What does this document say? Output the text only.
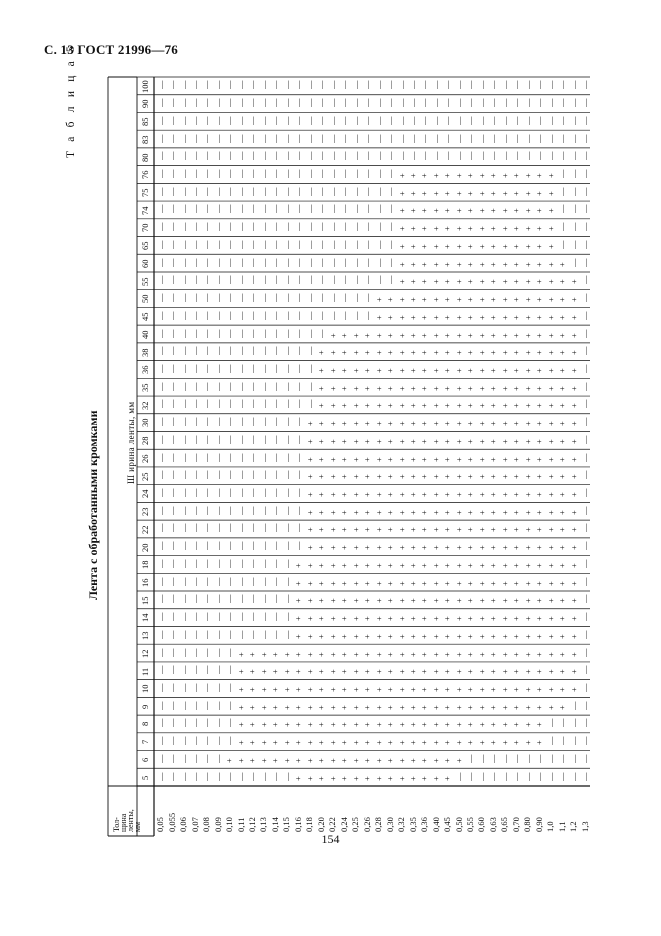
С. 13 ГОСТ 21996—76
Т а б л и ц а 5
Лента с обработанными кромками	Ш ирина ленты, мм
Тол-
щина
ленты,
мм 0,05 0,055 0,06 0,07 0,08 0,09 0,10 0,11 0,12 0,13 0,14 0,15 0,16 0,18 0,20 0,22 0,24 0,25 0,26 0,28 0,30 0,32 0,35 0,36 0,40 0,45 0,50 0,55 0,60 0,63 0,65 0,70 0,80 0,90 1,0 1,1 1,2 1,3
5 — — — — — — — — — — — — + + + + + + + + + + + + + + — — — — — — — — — — — —
6 — — — — — — + + + + + + + + + + + + + + + + + + + + + — — — — — — — — — — —
7 — — — — — — — + + + + + + + + + + + + + + + + + + + + + + + + + + + — — — —
8 — — — — — — — + + + + + + + + + + + + + + + + + + + + + + + + + + + — — — —
9 — — — — — — — + + + + + + + + + + + + + + + + + + + + + + + + + + + + + — —
10 — — — — — — — + + + + + + + + + + + + + + + + + + + + + + + + + + + + + + —
11 — — — — — — — + + + + + + + + + + + + + + + + + + + + + + + + + + + + + + —
12 — — — — — — — + + + + + + + + + + + + + + + + + + + + + + + + + + + + + + —
13 — — — — — — — — — — — — + + + + + + + + + + + + + + + + + + + + + + + + + —
14 — — — — — — — — — — — — + + + + + + + + + + + + + + + + + + + + + + + + + —
15 — — — — — — — — — — — — + + + + + + + + + + + + + + + + + + + + + + + + + —
16 — — — — — — — — — — — — + + + + + + + + + + + + + + + + + + + + + + + + + —
18 — — — — — — — — — — — — + + + + + + + + + + + + + + + + + + + + + + + + + —
20 — — — — — — — — — — — — — + + + + + + + + + + + + + + + + + + + + + + + + —
22 — — — — — — — — — — — — — + + + + + + + + + + + + + + + + + + + + + + + + —
23 — — — — — — — — — — — — — + + + + + + + + + + + + + + + + + + + + + + + + —
24 — — — — — — — — — — — — — + + + + + + + + + + + + + + + + + + + + + + + + —
25 — — — — — — — — — — — — — + + + + + + + + + + + + + + + + + + + + + + + + —
26 — — — — — — — — — — — — — + + + + + + + + + + + + + + + + + + + + + + + + —
28 — — — — — — — — — — — — — + + + + + + + + + + + + + + + + + + + + + + + + —
30 — — — — — — — — — — — — — + + + + + + + + + + + + + + + + + + + + + + + + —
32 — — — — — — — — — — — — — — + + + + + + + + + + + + + + + + + + + + + + + —
35 — — — — — — — — — — — — — — + + + + + + + + + + + + + + + + + + + + + + + —
36 — — — — — — — — — — — — — — + + + + + + + + + + + + + + + + + + + + + + + —
38 — — — — — — — — — — — — — — + + + + + + + + + + + + + + + + + + + + + + + —
40 — — — — — — — — — — — — — — — + + + + + + + + + + + + + + + + + + + + + + —
45 — — — — — — — — — — — — — — — — — — — + + + + + + + + + + + + + + + + + + —
50 — — — — — — — — — — — — — — — — — — — + + + + + + + + + + + + + + + + + + —
55 — — — — — — — — — — — — — — — — — — — — — + + + + + + + + + + + + + + + + —
60 — — — — — — — — — — — — — — — — — — — — — + + + + + + + + + + + + + + + — —
65 — — — — — — — — — — — — — — — — — — — — — + + + + + + + + + + + + + + — — —
70 — — — — — — — — — — — — — — — — — — — — — + + + + + + + + + + + + + + — — —
74 — — — — — — — — — — — — — — — — — — — — — + + + + + + + + + + + + + + — — —
75 — — — — — — — — — — — — — — — — — — — — — + + + + + + + + + + + + + + — — —
76 — — — — — — — — — — — — — — — — — — — — — + + + + + + + + + + + + + + — — —
80 — — — — — — — — — — — — — — — — — — — — — — — — — — — — — — — — — — — — — —
83 — — — — — — — — — — — — — — — — — — — — — — — — — — — — — — — — — — — — — —
85 — — — — — — — — — — — — — — — — — — — — — — — — — — — — — — — — — — — — — —
90 — — — — — — — — — — — — — — — — — — — — — — — — — — — — — — — — — — — — — —
100 — — — — — — — — — — — — — — — — — — — — — — — — — — — — — — — — — — — — — —
154
